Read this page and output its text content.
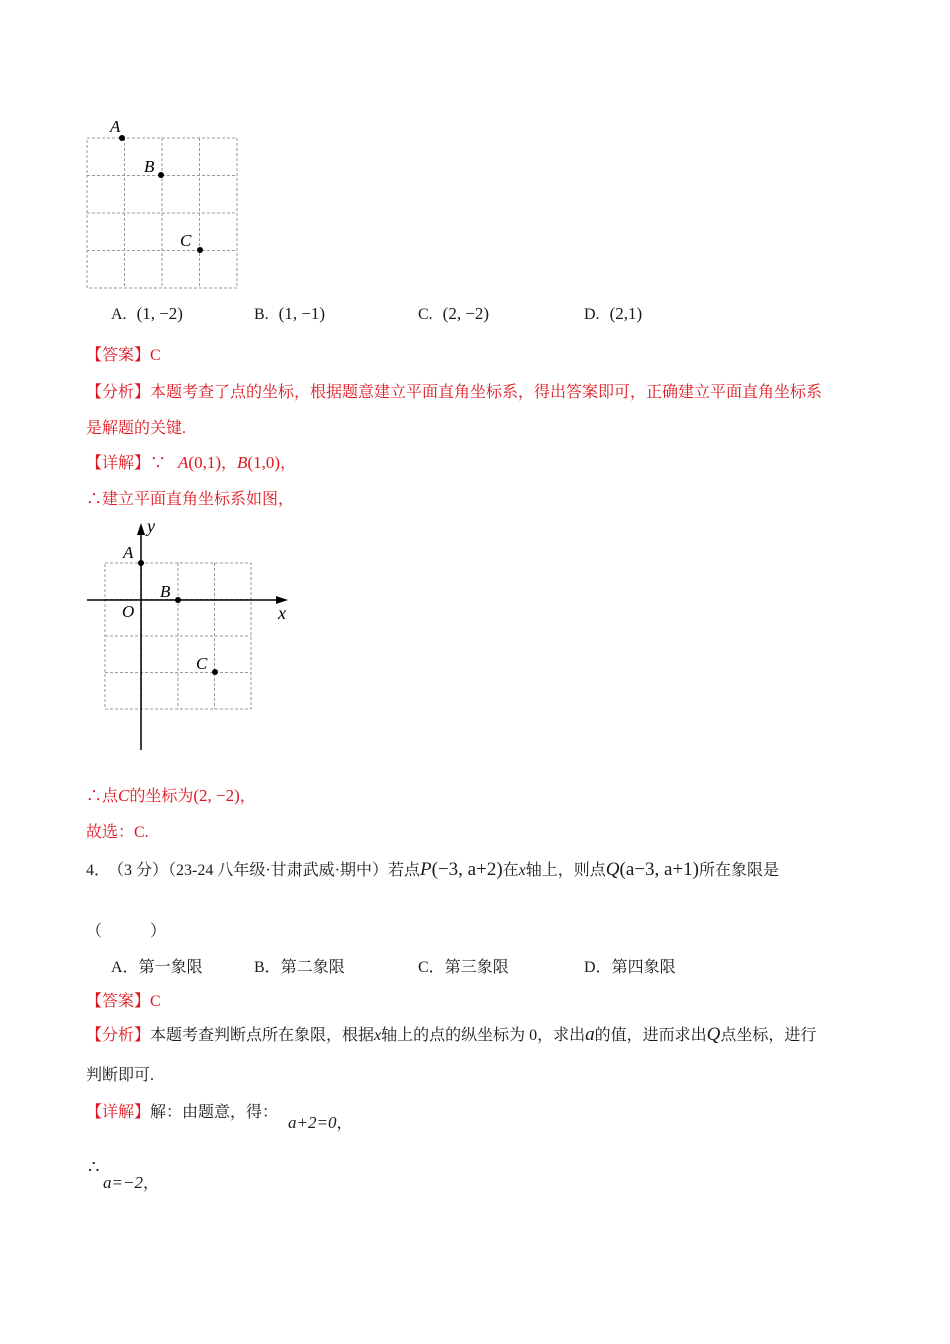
A
B
C
A. (1, −2)	B. (1, −1)	C. (2, −2)	D. (2,1)
【答案】C
【分析】本题考查了点的坐标，根据题意建立平面直角坐标系，得出答案即可，正确建立平面直角坐标系
是解题的关键.
【详解】∵ A(0,1)，B(1,0)，
∴建立平面直角坐标系如图，
A
B
C
O	x
y
∴点C的坐标为(2, −2)，
故选：C.
4． （3 分）（23-24 八年级·甘肃武威·期中）若点P(−3, a+2)在x轴上，则点Q(a−3, a+1)所在象限是
（　　　）
A．第一象限	B．第二象限	C．第三象限	D．第四象限
【答案】C
【分析】本题考查判断点所在象限，根据x轴上的点的纵坐标为 0，求出a的值，进而求出Q点坐标，进行
判断即可.
【详解】解：由题意，得：
a+2=0，
∴
a=−2，
